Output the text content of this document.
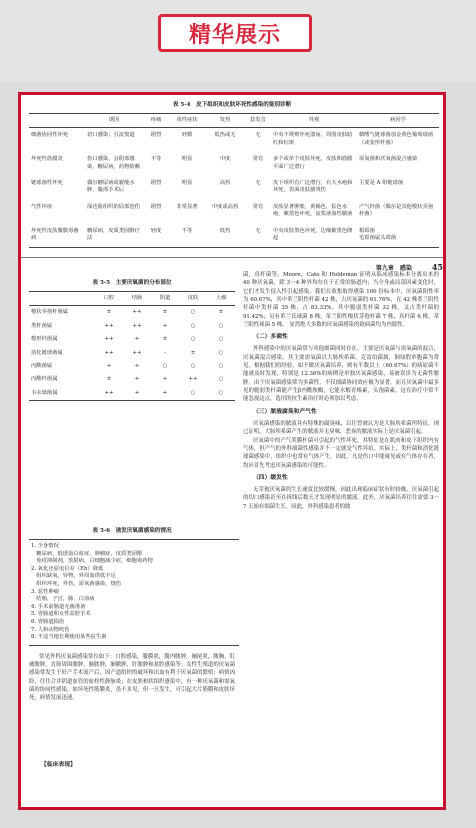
精华展示
表 5-4　皮下组织和皮肤坏死性感染的鉴别诊断
	诱因	疼痛	毒性症状	发热	捻发音	外观	病因学
细菌协同性坏死	切口感染；引流窦道	剧烈	轻微	低热或无	无	中央不规则坏死溃疡，周围皮肤暗红和红斑	微嗜气链球菌加金黄色葡萄球菌（或变形杆菌）
坏死性筋膜炎	伤口感染，会阴部感染，糖尿病，药物依赖	不等	明显	中度	常有	多个或单个皮肤坏死，皮肤和筋膜平面广泛潜行	需氧菌和厌氧菌混合感染
链球菌性坏死	偶尔糖尿病或毅缝水肿，腹部手术后	剧烈	明显	高热	无	皮下组织有广泛潜行，有大水疱和坏死，表面皮肤割烫伤	主要是 A 组链球菌
气性坏疽	深达肌组织的局部创伤	剧烈	非常显著	中度或高热	常有	皮肤显著肿胀，黄褐色，棕色水疱，紫黑色坏死，流浆液血性脓液	产气杆菌（偶尔是其他梭状芽孢杆菌）
坏死性皮肤腹膜毒菌病	糖尿病，皮质类固醇疗法	轻度	不等	低热	无	中央皮肤黑色坏死，边缘紫黑色隆起	根霉菌
毛霉菌属头霉菌
第九章　感染	45
表 5-5　主要厌氧菌的分布部位
	口腔	结肠	阴道	皮肤	上瘤
梭状芽孢杆菌属	±	++	±	○	±
类杆菌属	++	++	+	○	○
梭形杆菌属	++	+	±	○	○
消化链球菌属	++	++	-	±	○
丙酸菌属	+	+	○	○	○
丙酸杆菌属	±	+	+	++	○
韦永球菌属	++	+	+	○	○
表 5-6　诱发厌氧菌感染的情况
1. 全身情况
　糖尿病，低球蛋白血症，肿瘤症，皮质类固醇
　免疫抑制剂，放射病，白细胞减少症，细胞毒药物
2. 氧化还原电位差（Eh）降低
　组织缺氧，异物，外周血供低不足
　组织坏死，外伤，需氧菌感染，烧伤
3. 恶性肿瘤
　结肠，子宫，肺，白血病
4. 手术前肠道无菌准备
5. 胃肠道和女性盆腔手术
6. 胃肠道损伤
7. 人和动物咬伤
8. 不适当地长期使用某些抗生素
常见外科厌氧菌感染常位如下：口腔感染，腹膜炎，腹内脓肿，阑尾炎，脓胸，肛瘘脓肿，直肠周围脓肿，脑脓肿，肺脓肿，肝脓肿和盆腔感染等；女性生殖道的厌氧菌感染常发生于妊产手术流产后，因产道组织的破坏和出血有利于厌氧菌的繁殖；病情凶险，往往合并阴道血管的血栓性静脉炎；在皮肤和软组织感染中，有一种厌氧菌和需氧菌的协同性感染，如坏死性筋膜炎，虽不多见，但一旦发生，可引起大片筋膜和皮肤坏死，病情发展迅速。
【临床表现】

菌，真杆菌等。Moore，Cato 和 Holdeman 证明从临床感染标本分离出来的 40 种厌氧菌，除 3～4 种外均存在于正常的肠道内；当全身或局部因素变化时，它们才发生侵入性引起感染。我们在收集取得感染 100 份标本中，厌氧菌阳性率为 60.67%，其中革兰阴性杆菌 42 株，占厌氧菌的 61.76%，在 42 株革兰阴性杆菌中类杆菌 35 株，占 83.33%，其中脆弱类杆菌 32 株，又占类杆菌的 91.42%；另有革兰氏球菌 8 株，革兰阳性梭状芽孢杆菌 7 株，真杆菌 6 株，革兰阳性球菌 5 株。 显然绝大多数的厌氧菌感染的致病菌均为内源性。

（二）多菌性

外科感染中的厌氧菌常与其他细菌同时存在，主要是厌氧菌与需氧菌的混合，厌氧菌混合感染，其主要需氧菌以大肠埃希菌，克雷伯菌属，铜绿假单胞菌为常见。根据我们的经验，如不做厌氧菌培养，则有半数以上（60.67%）的病原菌不能被及时发现，特别是 12.36%的病例是单独厌氧菌感染，易被误诊为无菌性脓肿。由于厌氧菌感染常为多菌性，不仅细菌协同效应极为显著，而且厌氧菌中最多见的脆弱类杆菌能产生β内酰胺酶，它能水解青霉素，头孢菌素，这在治疗中常不能忽视这点，选用的抗生素治疗时必须加以考虑。

（三）脓液腐臭和产气性

厌氧菌感染的脓液具有特殊的腐臭味，以往曾被认为是大肠埃希菌所特征，现已证明，大肠埃希菌产生的脓液并无臭味，恶臭的脓液实际上是厌氧菌引起。

厌氧菌中的产气荚膜杆菌可引起的气性坏死，其特征是在肌肉和皮下组织内有气体，但产气的外科细菌性感染并不一定就是气性坏疽。实际上，类杆菌和消化链球菌感染中，组织中也常有气体产生，因此，凡是伤口中能窥见或有气体存在者，均应首先考虑厌氧菌感染的可能性。

（四）缓发性

无芽孢厌氧菌的生长速度比较缓慢，因此出现临床症状有时较晚。厌氧菌引起的切口感染甚至在拆线后数天才发现明显的脓液。此外，厌氧菌培养往往需要 3～7 天始有细菌生长，因此，外科感染患者的脓
